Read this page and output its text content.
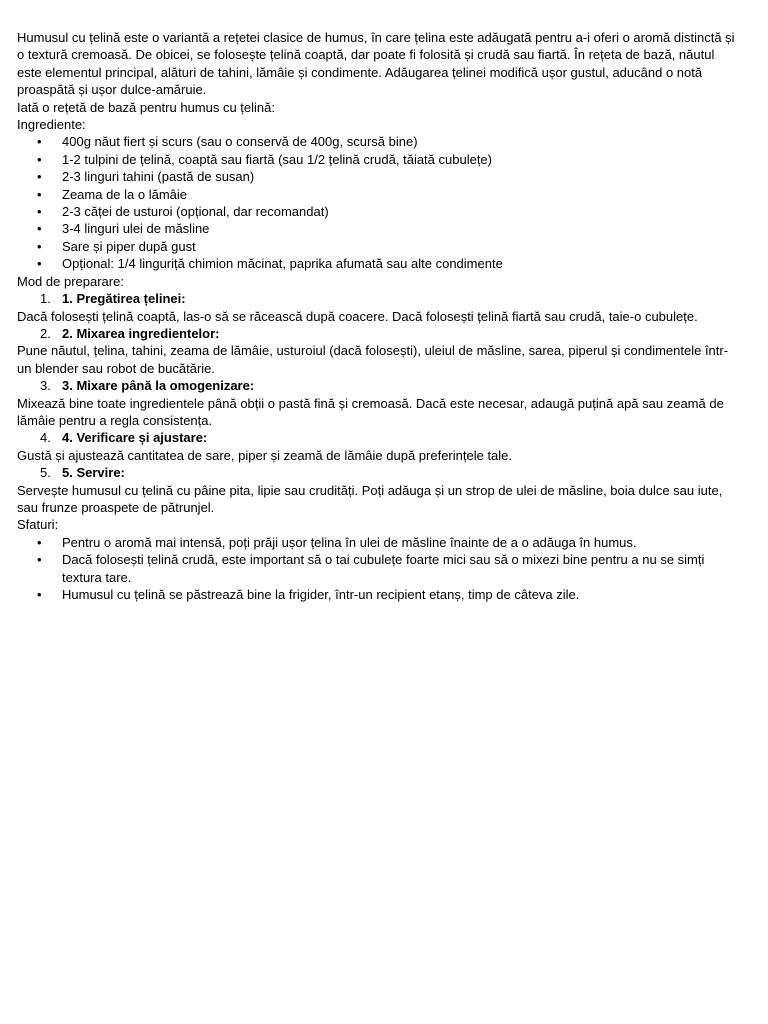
Humusul cu țelină este o variantă a rețetei clasice de humus, în care țelina este adăugată pentru a-i oferi o aromă distinctă și o textură cremoasă. De obicei, se folosește țelină coaptă, dar poate fi folosită și crudă sau fiartă. În rețeta de bază, năutul este elementul principal, alături de tahini, lămâie și condimente. Adăugarea țelinei modifică ușor gustul, aducând o notă proaspătă și ușor dulce-amăruie.

Iată o rețetă de bază pentru humus cu țelină:

Ingrediente:

• 400g năut fiert și scurs (sau o conservă de 400g, scursă bine)
• 1-2 tulpini de țelină, coaptă sau fiartă (sau 1/2 țelină crudă, tăiată cubulețe)
• 2-3 linguri tahini (pastă de susan)
• Zeama de la o lămâie
• 2-3 căței de usturoi (opțional, dar recomandat)
• 3-4 linguri ulei de măsline
• Sare și piper după gust
• Opțional: 1/4 linguriță chimion măcinat, paprika afumată sau alte condimente

Mod de preparare:

1. 1. Pregătirea țelinei:

Dacă folosești țelină coaptă, las-o să se răcească după coacere. Dacă folosești țelină fiartă sau crudă, taie-o cubulețe.

2. 2. Mixarea ingredientelor:

Pune năutul, țelina, tahini, zeama de lămâie, usturoiul (dacă folosești), uleiul de măsline, sarea, piperul și condimentele într-un blender sau robot de bucătărie.

3. 3. Mixare până la omogenizare:

Mixează bine toate ingredientele până obții o pastă fină și cremoasă. Dacă este necesar, adaugă puțină apă sau zeamă de lămâie pentru a regla consistența.

4. 4. Verificare și ajustare:

Gustă și ajustează cantitatea de sare, piper și zeamă de lămâie după preferințele tale.

5. 5. Servire:

Servește humusul cu țelină cu pâine pita, lipie sau crudități. Poți adăuga și un strop de ulei de măsline, boia dulce sau iute, sau frunze proaspete de pătrunjel.

Sfaturi:

• Pentru o aromă mai intensă, poți prăji ușor țelina în ulei de măsline înainte de a o adăuga în humus.
• Dacă folosești țelină crudă, este important să o tai cubulețe foarte mici sau să o mixezi bine pentru a nu se simți textura tare.
• Humusul cu țelină se păstrează bine la frigider, într-un recipient etanș, timp de câteva zile.
